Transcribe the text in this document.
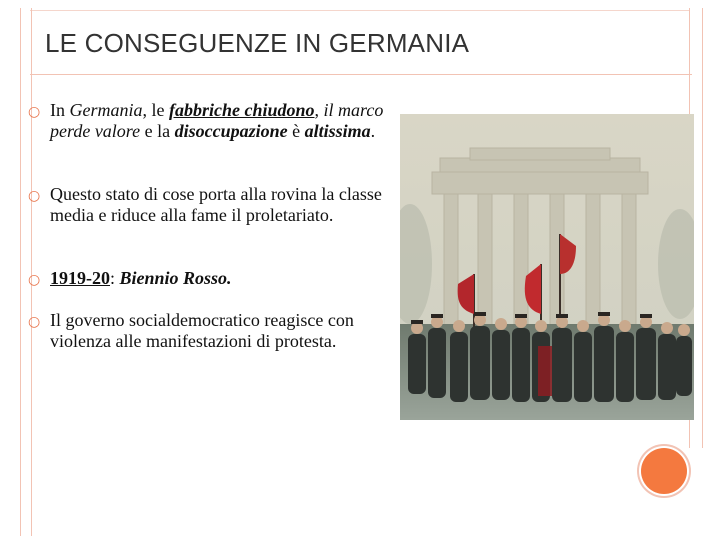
LE CONSEGUENZE IN GERMANIA
○ In Germania, le fabbriche chiudono, il marco perde valore e la disoccupazione è altissima.
○ Questo stato di cose porta alla rovina la classe media e riduce alla fame il proletariato.
○ 1919-20: Biennio Rosso.
○ Il governo socialdemocratico reagisce con violenza alle manifestazioni di protesta.
